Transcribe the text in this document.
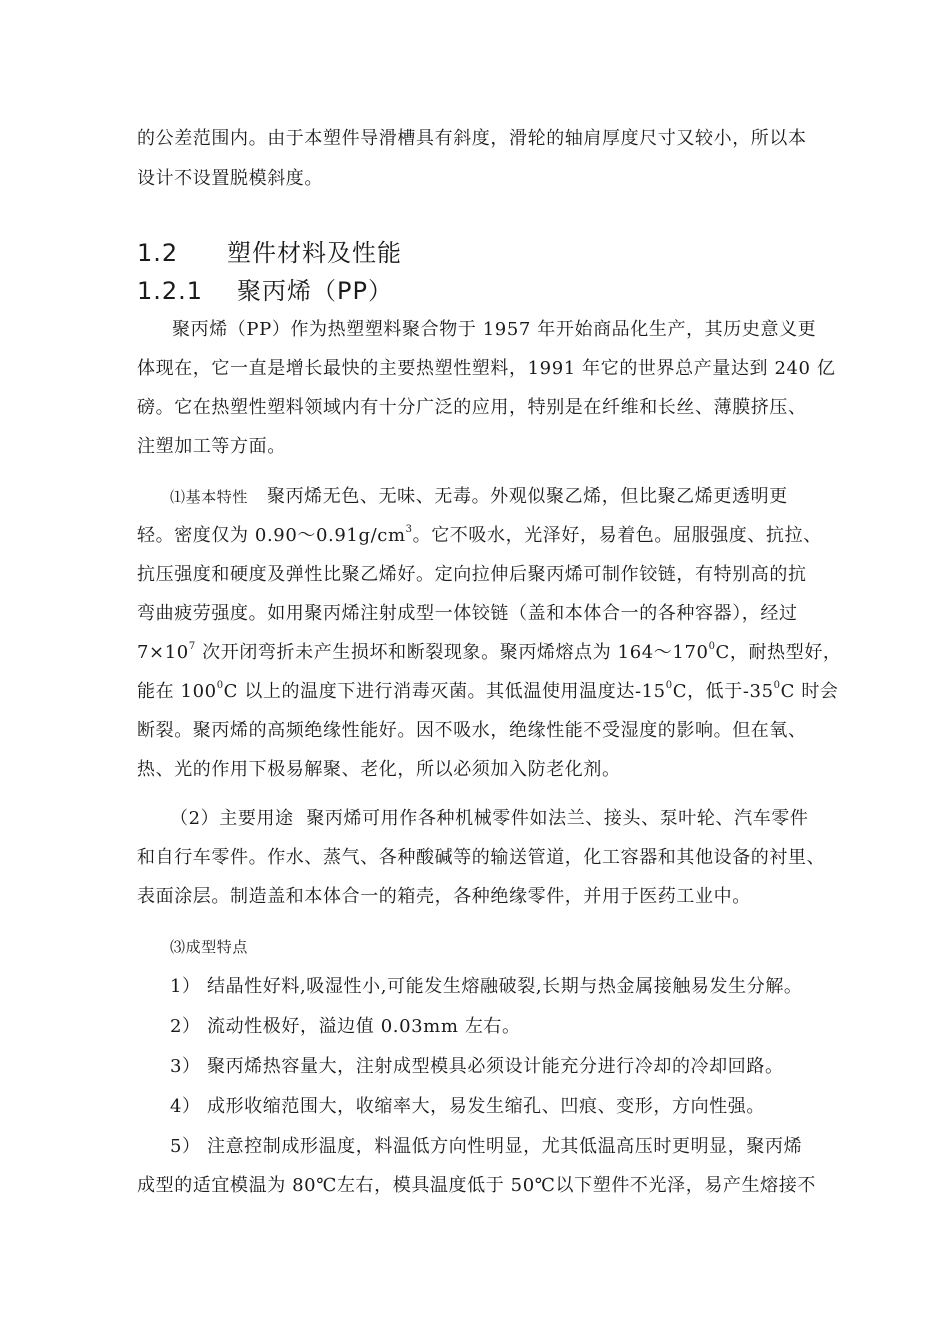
的公差范围内。由于本塑件导滑槽具有斜度，滑轮的轴肩厚度尺寸又较小，所以本
设计不设置脱模斜度。
1.2 塑件材料及性能
1.2.1 聚丙烯（PP）
聚丙烯（PP）作为热塑塑料聚合物于 1957 年开始商品化生产，其历史意义更
体现在，它一直是增长最快的主要热塑性塑料，1991 年它的世界总产量达到 240 亿
磅。它在热塑性塑料领域内有十分广泛的应用，特别是在纤维和长丝、薄膜挤压、
注塑加工等方面。
⑴基本特性 聚丙烯无色、无味、无毒。外观似聚乙烯，但比聚乙烯更透明更
轻。密度仅为 $0.90\sim 0.91g/cm^3$。它不吸水，光泽好，易着色。屈服强度、抗拉、
抗压强度和硬度及弹性比聚乙烯好。定向拉伸后聚丙烯可制作铰链，有特别高的抗
弯曲疲劳强度。如用聚丙烯注射成型一体铰链（盖和本体合一的各种容器），经过
$7\times 10^7$ 次开闭弯折未产生损坏和断裂现象。聚丙烯熔点为 $164\sim 170^0C$，耐热型好，
能在 $100^0C$ 以上的温度下进行消毒灭菌。其低温使用温度达$-15^0C$，低于$-35^0C$ 时会
断裂。聚丙烯的高频绝缘性能好。因不吸水，绝缘性能不受湿度的影响。但在氧、
热、光的作用下极易解聚、老化，所以必须加入防老化剂。
（2）主要用途 聚丙烯可用作各种机械零件如法兰、接头、泵叶轮、汽车零件
和自行车零件。作水、蒸气、各种酸碱等的输送管道，化工容器和其他设备的衬里、
表面涂层。制造盖和本体合一的箱壳，各种绝缘零件，并用于医药工业中。
⑶成型特点
1） 结晶性好料,吸湿性小,可能发生熔融破裂,长期与热金属接触易发生分解。
2） 流动性极好，溢边值 0.03mm 左右。
3） 聚丙烯热容量大，注射成型模具必须设计能充分进行冷却的冷却回路。
4） 成形收缩范围大，收缩率大，易发生缩孔、凹痕、变形，方向性强。
5） 注意控制成形温度，料温低方向性明显，尤其低温高压时更明显，聚丙烯
成型的适宜模温为 80℃左右，模具温度低于 50℃以下塑件不光泽，易产生熔接不
